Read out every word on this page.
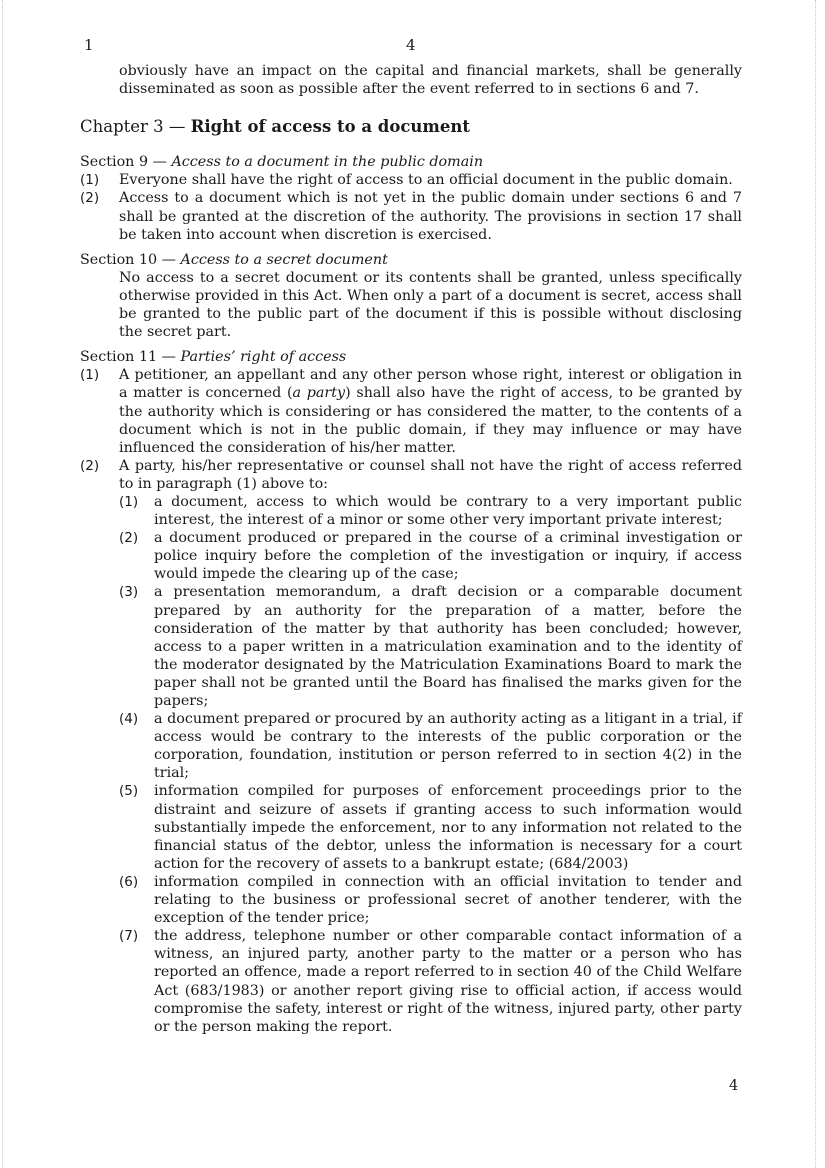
1	4
obviously have an impact on the capital and financial markets, shall be generally disseminated as soon as possible after the event referred to in sections 6 and 7.
Chapter 3 — Right of access to a document
Section 9 — Access to a document in the public domain
(1)	Everyone shall have the right of access to an official document in the public domain.
(2)	Access to a document which is not yet in the public domain under sections 6 and 7 shall be granted at the discretion of the authority. The provisions in section 17 shall be taken into account when discretion is exercised.
Section 10 — Access to a secret document
No access to a secret document or its contents shall be granted, unless specifically otherwise provided in this Act. When only a part of a document is secret, access shall be granted to the public part of the document if this is possible without disclosing the secret part.
Section 11 — Parties’ right of access
(1)	A petitioner, an appellant and any other person whose right, interest or obligation in a matter is concerned (a party) shall also have the right of access, to be granted by the authority which is considering or has considered the matter, to the contents of a document which is not in the public domain, if they may influence or may have influenced the consideration of his/her matter.
(2)	A party, his/her representative or counsel shall not have the right of access referred to in paragraph (1) above to:
(1)	a document, access to which would be contrary to a very important public interest, the interest of a minor or some other very important private interest;
(2)	a document produced or prepared in the course of a criminal investigation or police inquiry before the completion of the investigation or inquiry, if access would impede the clearing up of the case;
(3)	a presentation memorandum, a draft decision or a comparable document prepared by an authority for the preparation of a matter, before the consideration of the matter by that authority has been concluded; however, access to a paper written in a matriculation examination and to the identity of the moderator designated by the Matriculation Examinations Board to mark the paper shall not be granted until the Board has finalised the marks given for the papers;
(4)	a document prepared or procured by an authority acting as a litigant in a trial, if access would be contrary to the interests of the public corporation or the corporation, foundation, institution or person referred to in section 4(2) in the trial;
(5)	information compiled for purposes of enforcement proceedings prior to the distraint and seizure of assets if granting access to such information would substantially impede the enforcement, nor to any information not related to the financial status of the debtor, unless the information is necessary for a court action for the recovery of assets to a bankrupt estate; (684/2003)
(6)	information compiled in connection with an official invitation to tender and relating to the business or professional secret of another tenderer, with the exception of the tender price;
(7)	the address, telephone number or other comparable contact information of a witness, an injured party, another party to the matter or a person who has reported an offence, made a report referred to in section 40 of the Child Welfare Act (683/1983) or another report giving rise to official action, if access would compromise the safety, interest or right of the witness, injured party, other party or the person making the report.
4
